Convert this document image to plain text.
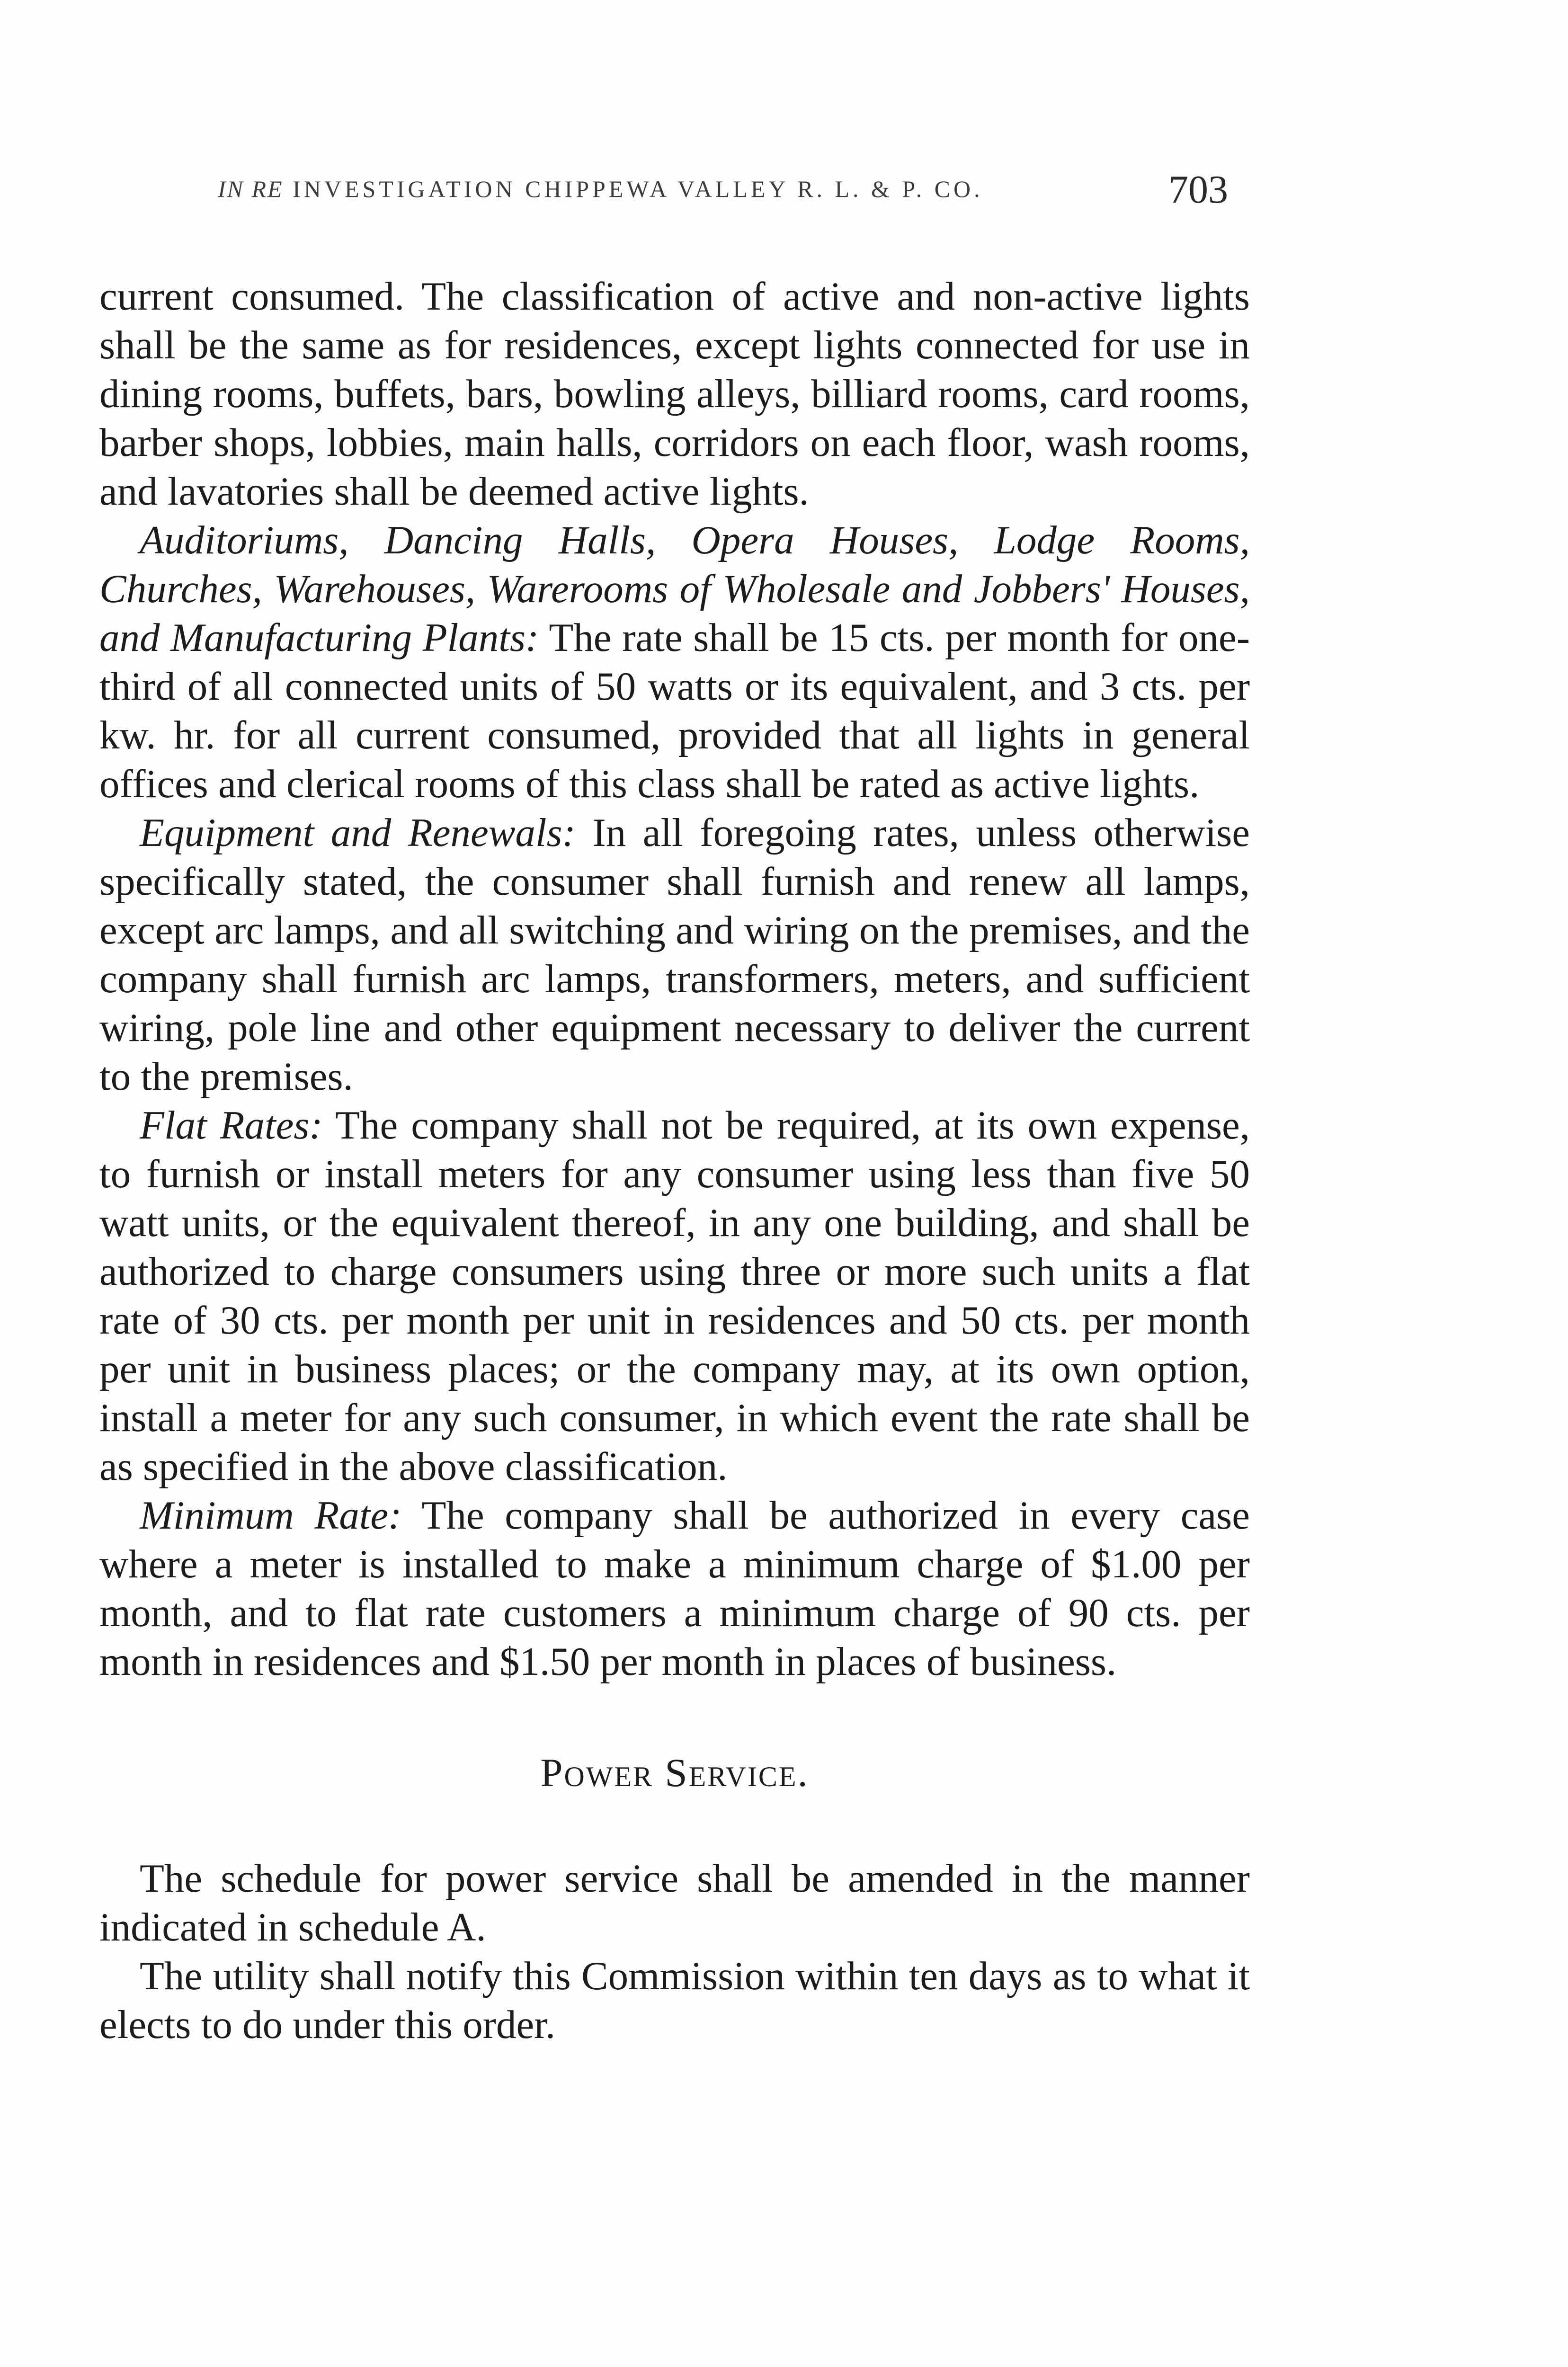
IN RE INVESTIGATION CHIPPEWA VALLEY R. L. & P. CO.	703

current consumed. The classification of active and non-active lights shall be the same as for residences, except lights connected for use in dining rooms, buffets, bars, bowling alleys, billiard rooms, card rooms, barber shops, lobbies, main halls, corridors on each floor, wash rooms, and lavatories shall be deemed active lights.

Auditoriums, Dancing Halls, Opera Houses, Lodge Rooms, Churches, Warehouses, Warerooms of Wholesale and Jobbers' Houses, and Manufacturing Plants: The rate shall be 15 cts. per month for one-third of all connected units of 50 watts or its equivalent, and 3 cts. per kw. hr. for all current consumed, provided that all lights in general offices and clerical rooms of this class shall be rated as active lights.

Equipment and Renewals: In all foregoing rates, unless otherwise specifically stated, the consumer shall furnish and renew all lamps, except arc lamps, and all switching and wiring on the premises, and the company shall furnish arc lamps, transformers, meters, and sufficient wiring, pole line and other equipment necessary to deliver the current to the premises.

Flat Rates: The company shall not be required, at its own expense, to furnish or install meters for any consumer using less than five 50 watt units, or the equivalent thereof, in any one building, and shall be authorized to charge consumers using three or more such units a flat rate of 30 cts. per month per unit in residences and 50 cts. per month per unit in business places; or the company may, at its own option, install a meter for any such consumer, in which event the rate shall be as specified in the above classification.

Minimum Rate: The company shall be authorized in every case where a meter is installed to make a minimum charge of $1.00 per month, and to flat rate customers a minimum charge of 90 cts. per month in residences and $1.50 per month in places of business.

Power Service.

The schedule for power service shall be amended in the manner indicated in schedule A.

The utility shall notify this Commission within ten days as to what it elects to do under this order.
